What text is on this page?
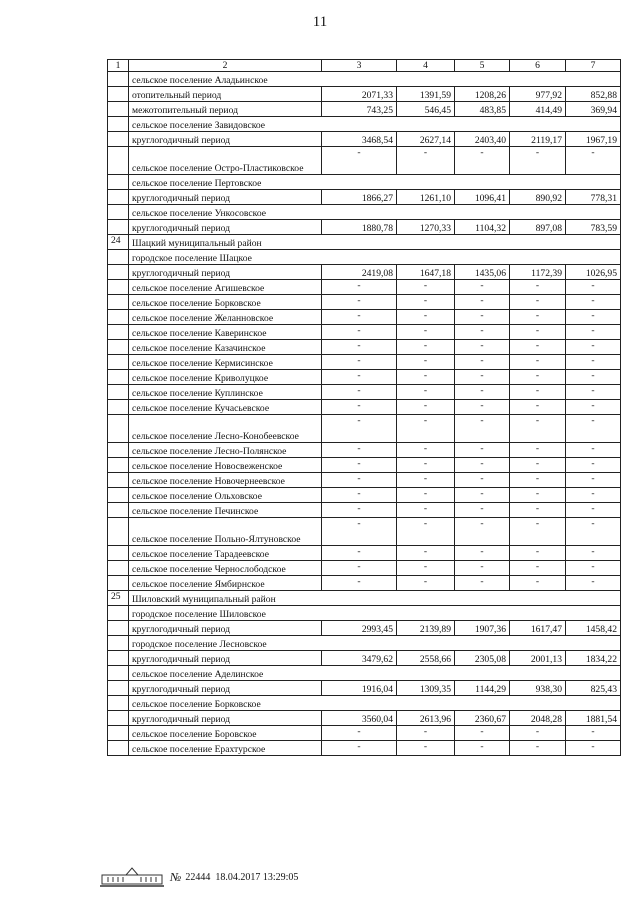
11
1	2	3	4	5	6	7
	сельское поселение Аладьинское					
	отопительный период	2071,33	1391,59	1208,26	977,92	852,88
	межотопительный период	743,25	546,45	483,85	414,49	369,94
	сельское поселение Завидовское					
	круглогодичный период	3468,54	2627,14	2403,40	2119,17	1967,19
	сельское поселение Остро-Пластиковское	-	-	-	-	-
	сельское поселение Пертовское					
	круглогодичный период	1866,27	1261,10	1096,41	890,92	778,31
	сельское поселение Ункосовское					
	круглогодичный период	1880,78	1270,33	1104,32	897,08	783,59
24	Шацкий муниципальный район					
	городское поселение Шацкое					
	круглогодичный период	2419,08	1647,18	1435,06	1172,39	1026,95
	сельское поселение Агишевское	-	-	-	-	-
	сельское поселение Борковское	-	-	-	-	-
	сельское поселение Желанновское	-	-	-	-	-
	сельское поселение Каверинское	-	-	-	-	-
	сельское поселение Казачинское	-	-	-	-	-
	сельское поселение Кермисинское	-	-	-	-	-
	сельское поселение Криволуцкое	-	-	-	-	-
	сельское поселение Куплинское	-	-	-	-	-
	сельское поселение Кучасьевское	-	-	-	-	-
	сельское поселение Лесно-Конобеевское	-	-	-	-	-
	сельское поселение Лесно-Полянское	-	-	-	-	-
	сельское поселение Новосвеженское	-	-	-	-	-
	сельское поселение Новочернеевское	-	-	-	-	-
	сельское поселение Ольховское	-	-	-	-	-
	сельское поселение Печинское	-	-	-	-	-
	сельское поселение Польно-Ялтуновское	-	-	-	-	-
	сельское поселение Тарадеевское	-	-	-	-	-
	сельское поселение Чернослободское	-	-	-	-	-
	сельское поселение Ямбирнское	-	-	-	-	-
25	Шиловский муниципальный район					
	городское поселение Шиловское					
	круглогодичный период	2993,45	2139,89	1907,36	1617,47	1458,42
	городское поселение Лесновское					
	круглогодичный период	3479,62	2558,66	2305,08	2001,13	1834,22
	сельское поселение Аделинское					
	круглогодичный период	1916,04	1309,35	1144,29	938,30	825,43
	сельское поселение Борковское					
	круглогодичный период	3560,04	2613,96	2360,67	2048,28	1881,54
	сельское поселение Боровское	-	-	-	-	-
	сельское поселение Ерахтурское	-	-	-	-	-
№ 22444 18.04.2017 13:29:05
